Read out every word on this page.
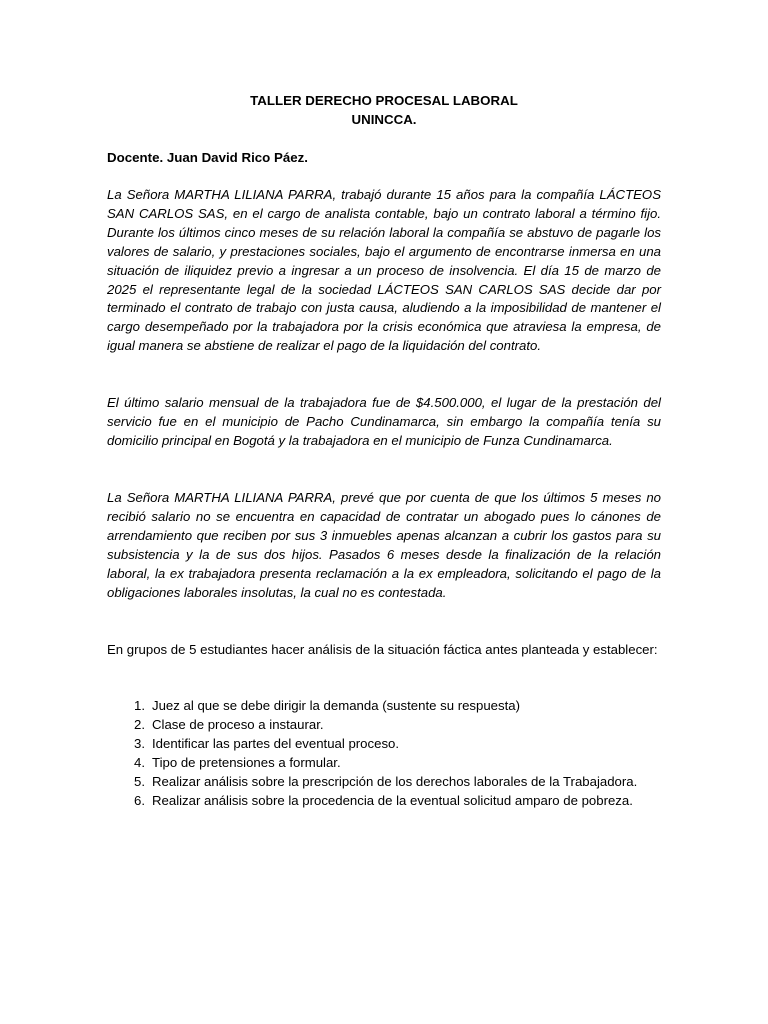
TALLER DERECHO PROCESAL LABORAL

UNINCCA.

Docente. Juan David Rico Páez.

La Señora MARTHA LILIANA PARRA, trabajó durante 15 años para la compañía LÁCTEOS SAN CARLOS SAS, en el cargo de analista contable, bajo un contrato laboral a término fijo. Durante los últimos cinco meses de su relación laboral la compañía se abstuvo de pagarle los valores de salario, y prestaciones sociales, bajo el argumento de encontrarse inmersa en una situación de iliquidez previo a ingresar a un proceso de insolvencia. El día 15 de marzo de 2025 el representante legal de la sociedad LÁCTEOS SAN CARLOS SAS decide dar por terminado el contrato de trabajo con justa causa, aludiendo a la imposibilidad de mantener el cargo desempeñado por la trabajadora por la crisis económica que atraviesa la empresa, de igual manera se abstiene de realizar el pago de la liquidación del contrato.

El último salario mensual de la trabajadora fue de $4.500.000, el lugar de la prestación del servicio fue en el municipio de Pacho Cundinamarca, sin embargo la compañía tenía su domicilio principal en Bogotá y la trabajadora en el municipio de Funza Cundinamarca.

La Señora MARTHA LILIANA PARRA, prevé que por cuenta de que los últimos 5 meses no recibió salario no se encuentra en capacidad de contratar un abogado pues lo cánones de arrendamiento que reciben por sus 3 inmuebles apenas alcanzan a cubrir los gastos para su subsistencia y la de sus dos hijos. Pasados 6 meses desde la finalización de la relación laboral, la ex trabajadora presenta reclamación a la ex empleadora, solicitando el pago de la obligaciones laborales insolutas, la cual no es contestada.

En grupos de 5 estudiantes hacer análisis de la situación fáctica antes planteada y establecer:

1. Juez al que se debe dirigir la demanda (sustente su respuesta)
2. Clase de proceso a instaurar.
3. Identificar las partes del eventual proceso.
4. Tipo de pretensiones a formular.
5. Realizar análisis sobre la prescripción de los derechos laborales de la Trabajadora.
6. Realizar análisis sobre la procedencia de la eventual solicitud amparo de pobreza.
